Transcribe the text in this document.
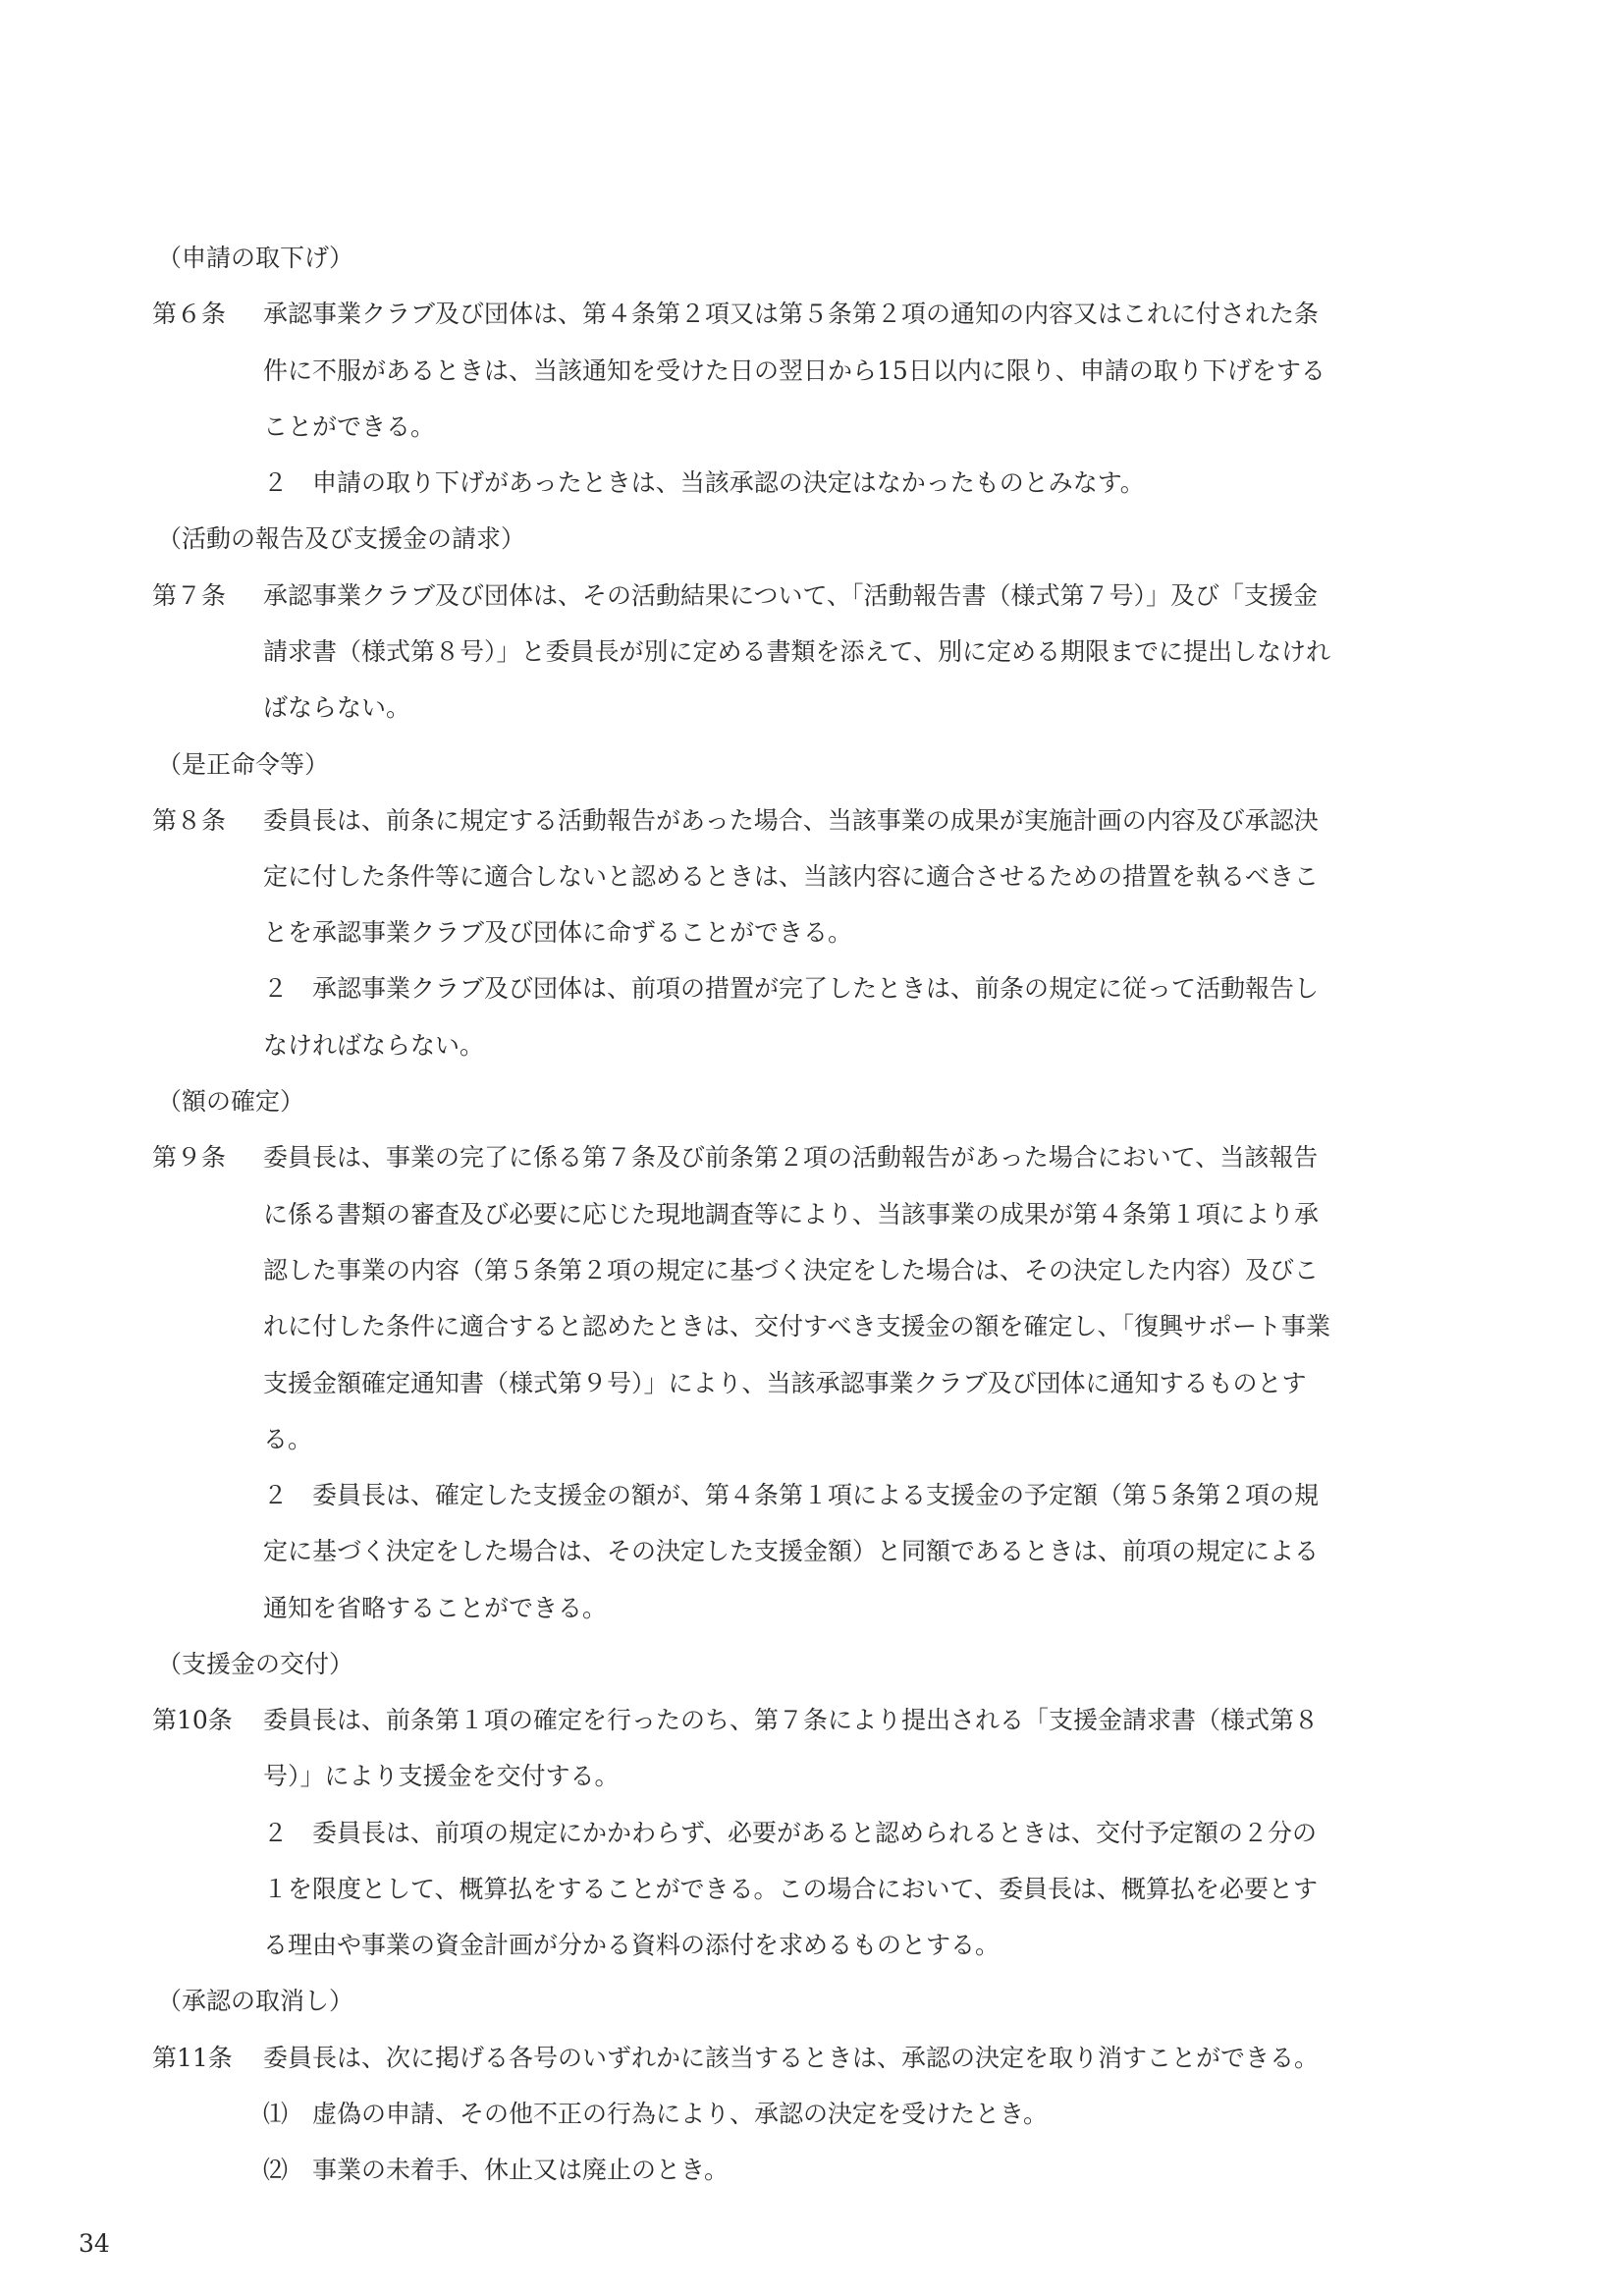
（申請の取下げ）
第６条 承認事業クラブ及び団体は、第４条第２項又は第５条第２項の通知の内容又はこれに付された条
件に不服があるときは、当該通知を受けた日の翌日から15日以内に限り、申請の取り下げをする
ことができる。
２　申請の取り下げがあったときは、当該承認の決定はなかったものとみなす。
（活動の報告及び支援金の請求）
第７条 承認事業クラブ及び団体は、その活動結果について、「活動報告書（様式第７号）」及び「支援金
請求書（様式第８号）」と委員長が別に定める書類を添えて、別に定める期限までに提出しなけれ
ばならない。
（是正命令等）
第８条 委員長は、前条に規定する活動報告があった場合、当該事業の成果が実施計画の内容及び承認決
定に付した条件等に適合しないと認めるときは、当該内容に適合させるための措置を執るべきこ
とを承認事業クラブ及び団体に命ずることができる。
２　承認事業クラブ及び団体は、前項の措置が完了したときは、前条の規定に従って活動報告し
なければならない。
（額の確定）
第９条 委員長は、事業の完了に係る第７条及び前条第２項の活動報告があった場合において、当該報告
に係る書類の審査及び必要に応じた現地調査等により、当該事業の成果が第４条第１項により承
認した事業の内容（第５条第２項の規定に基づく決定をした場合は、その決定した内容）及びこ
れに付した条件に適合すると認めたときは、交付すべき支援金の額を確定し、「復興サポート事業
支援金額確定通知書（様式第９号）」により、当該承認事業クラブ及び団体に通知するものとす
る。
２　委員長は、確定した支援金の額が、第４条第１項による支援金の予定額（第５条第２項の規
定に基づく決定をした場合は、その決定した支援金額）と同額であるときは、前項の規定による
通知を省略することができる。
（支援金の交付）
第10条 委員長は、前条第１項の確定を行ったのち、第７条により提出される「支援金請求書（様式第８
号）」により支援金を交付する。
２　委員長は、前項の規定にかかわらず、必要があると認められるときは、交付予定額の２分の
１を限度として、概算払をすることができる。この場合において、委員長は、概算払を必要とす
る理由や事業の資金計画が分かる資料の添付を求めるものとする。
（承認の取消し）
第11条 委員長は、次に掲げる各号のいずれかに該当するときは、承認の決定を取り消すことができる。
⑴　虚偽の申請、その他不正の行為により、承認の決定を受けたとき。
⑵　事業の未着手、休止又は廃止のとき。
34
